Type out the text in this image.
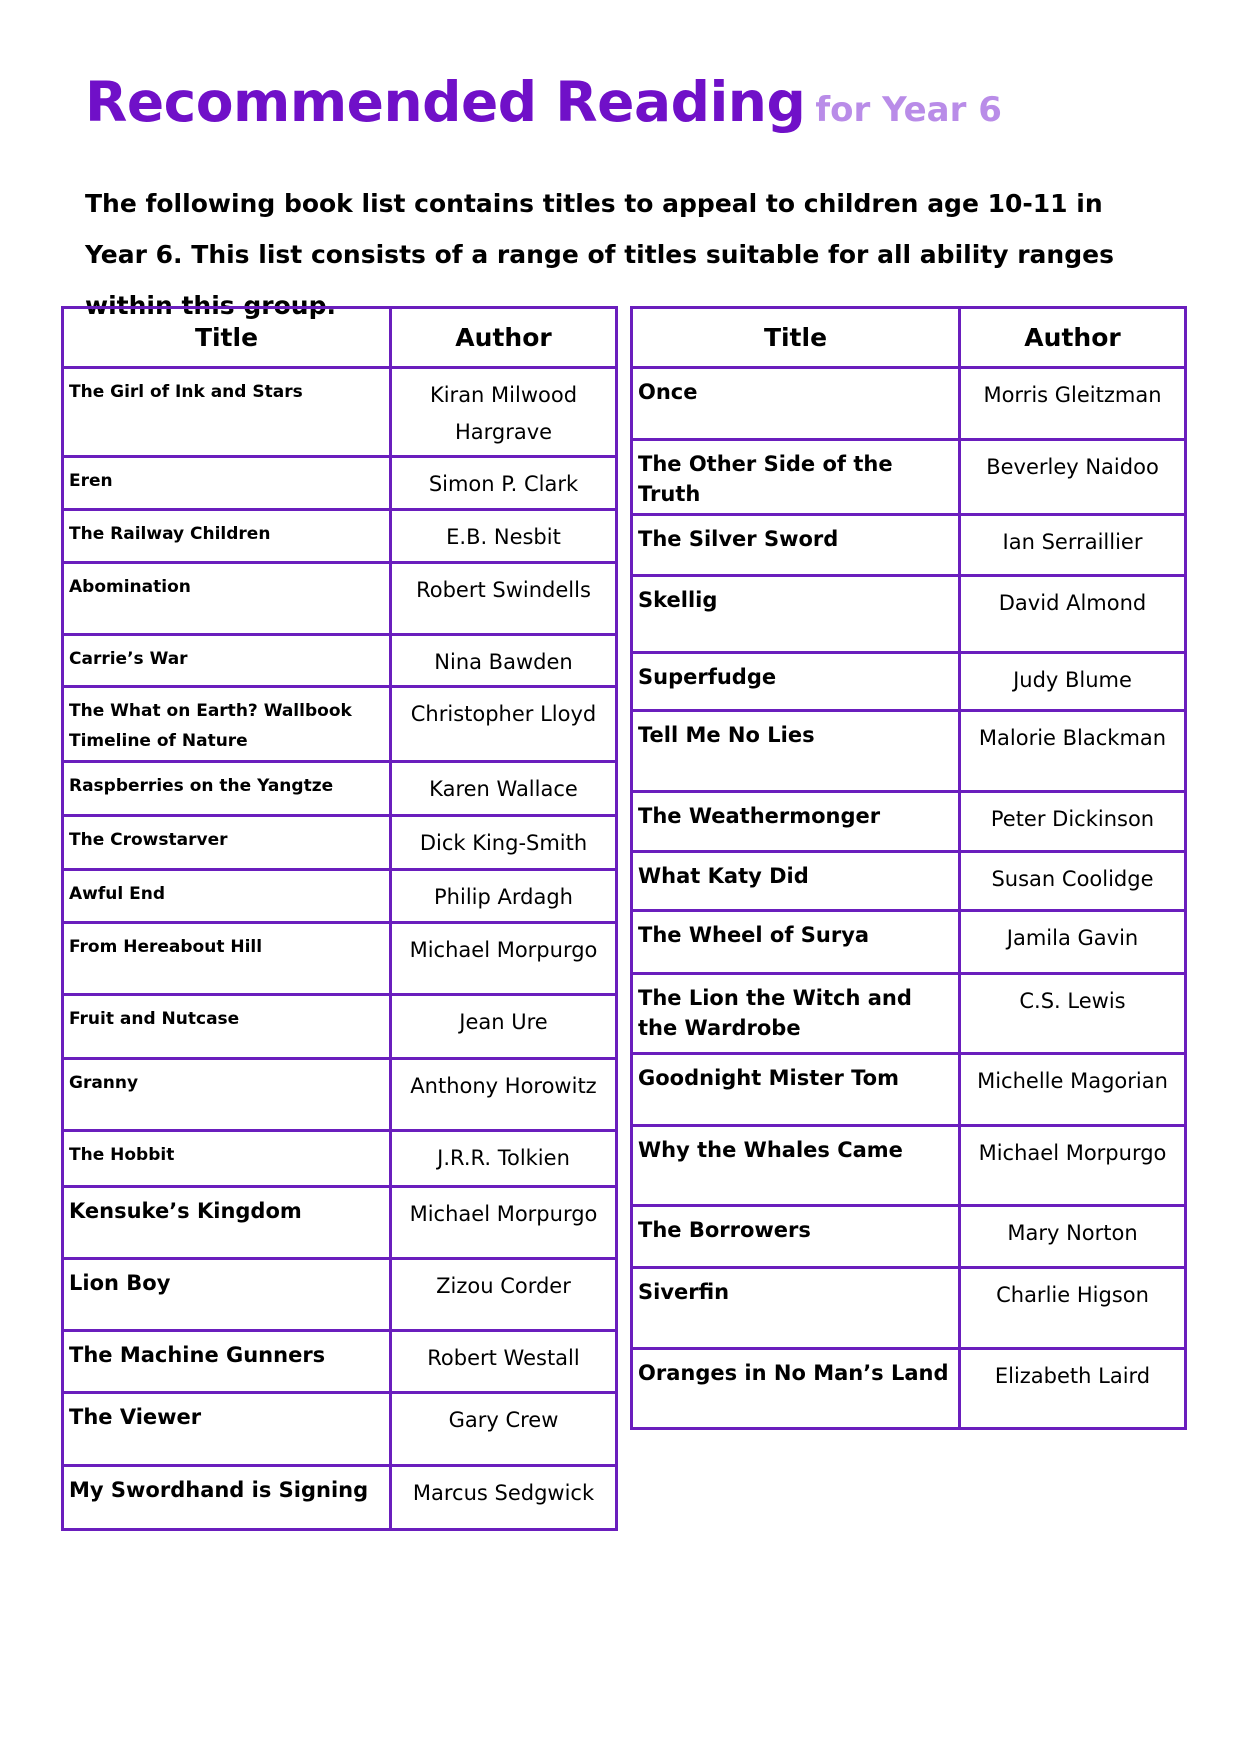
Recommended Reading for Year 6

The following book list contains titles to appeal to children age 10-11 in Year 6. This list consists of a range of titles suitable for all ability ranges within this group.

Title	Author
The Girl of Ink and Stars	Kiran Milwood Hargrave
Eren	Simon P. Clark
The Railway Children	E.B. Nesbit
Abomination	Robert Swindells
Carrie’s War	Nina Bawden
The What on Earth? Wallbook Timeline of Nature	Christopher Lloyd
Raspberries on the Yangtze	Karen Wallace
The Crowstarver	Dick King-Smith
Awful End	Philip Ardagh
From Hereabout Hill	Michael Morpurgo
Fruit and Nutcase	Jean Ure
Granny	Anthony Horowitz
The Hobbit	J.R.R. Tolkien
Kensuke’s Kingdom	Michael Morpurgo
Lion Boy	Zizou Corder
The Machine Gunners	Robert Westall
The Viewer	Gary Crew
My Swordhand is Signing	Marcus Sedgwick
Title	Author
Once	Morris Gleitzman
The Other Side of the Truth	Beverley Naidoo
The Silver Sword	Ian Serraillier
Skellig	David Almond
Superfudge	Judy Blume
Tell Me No Lies	Malorie Blackman
The Weathermonger	Peter Dickinson
What Katy Did	Susan Coolidge
The Wheel of Surya	Jamila Gavin
The Lion the Witch and the Wardrobe	C.S. Lewis
Goodnight Mister Tom	Michelle Magorian
Why the Whales Came	Michael Morpurgo
The Borrowers	Mary Norton
Siverfin	Charlie Higson
Oranges in No Man’s Land	Elizabeth Laird
